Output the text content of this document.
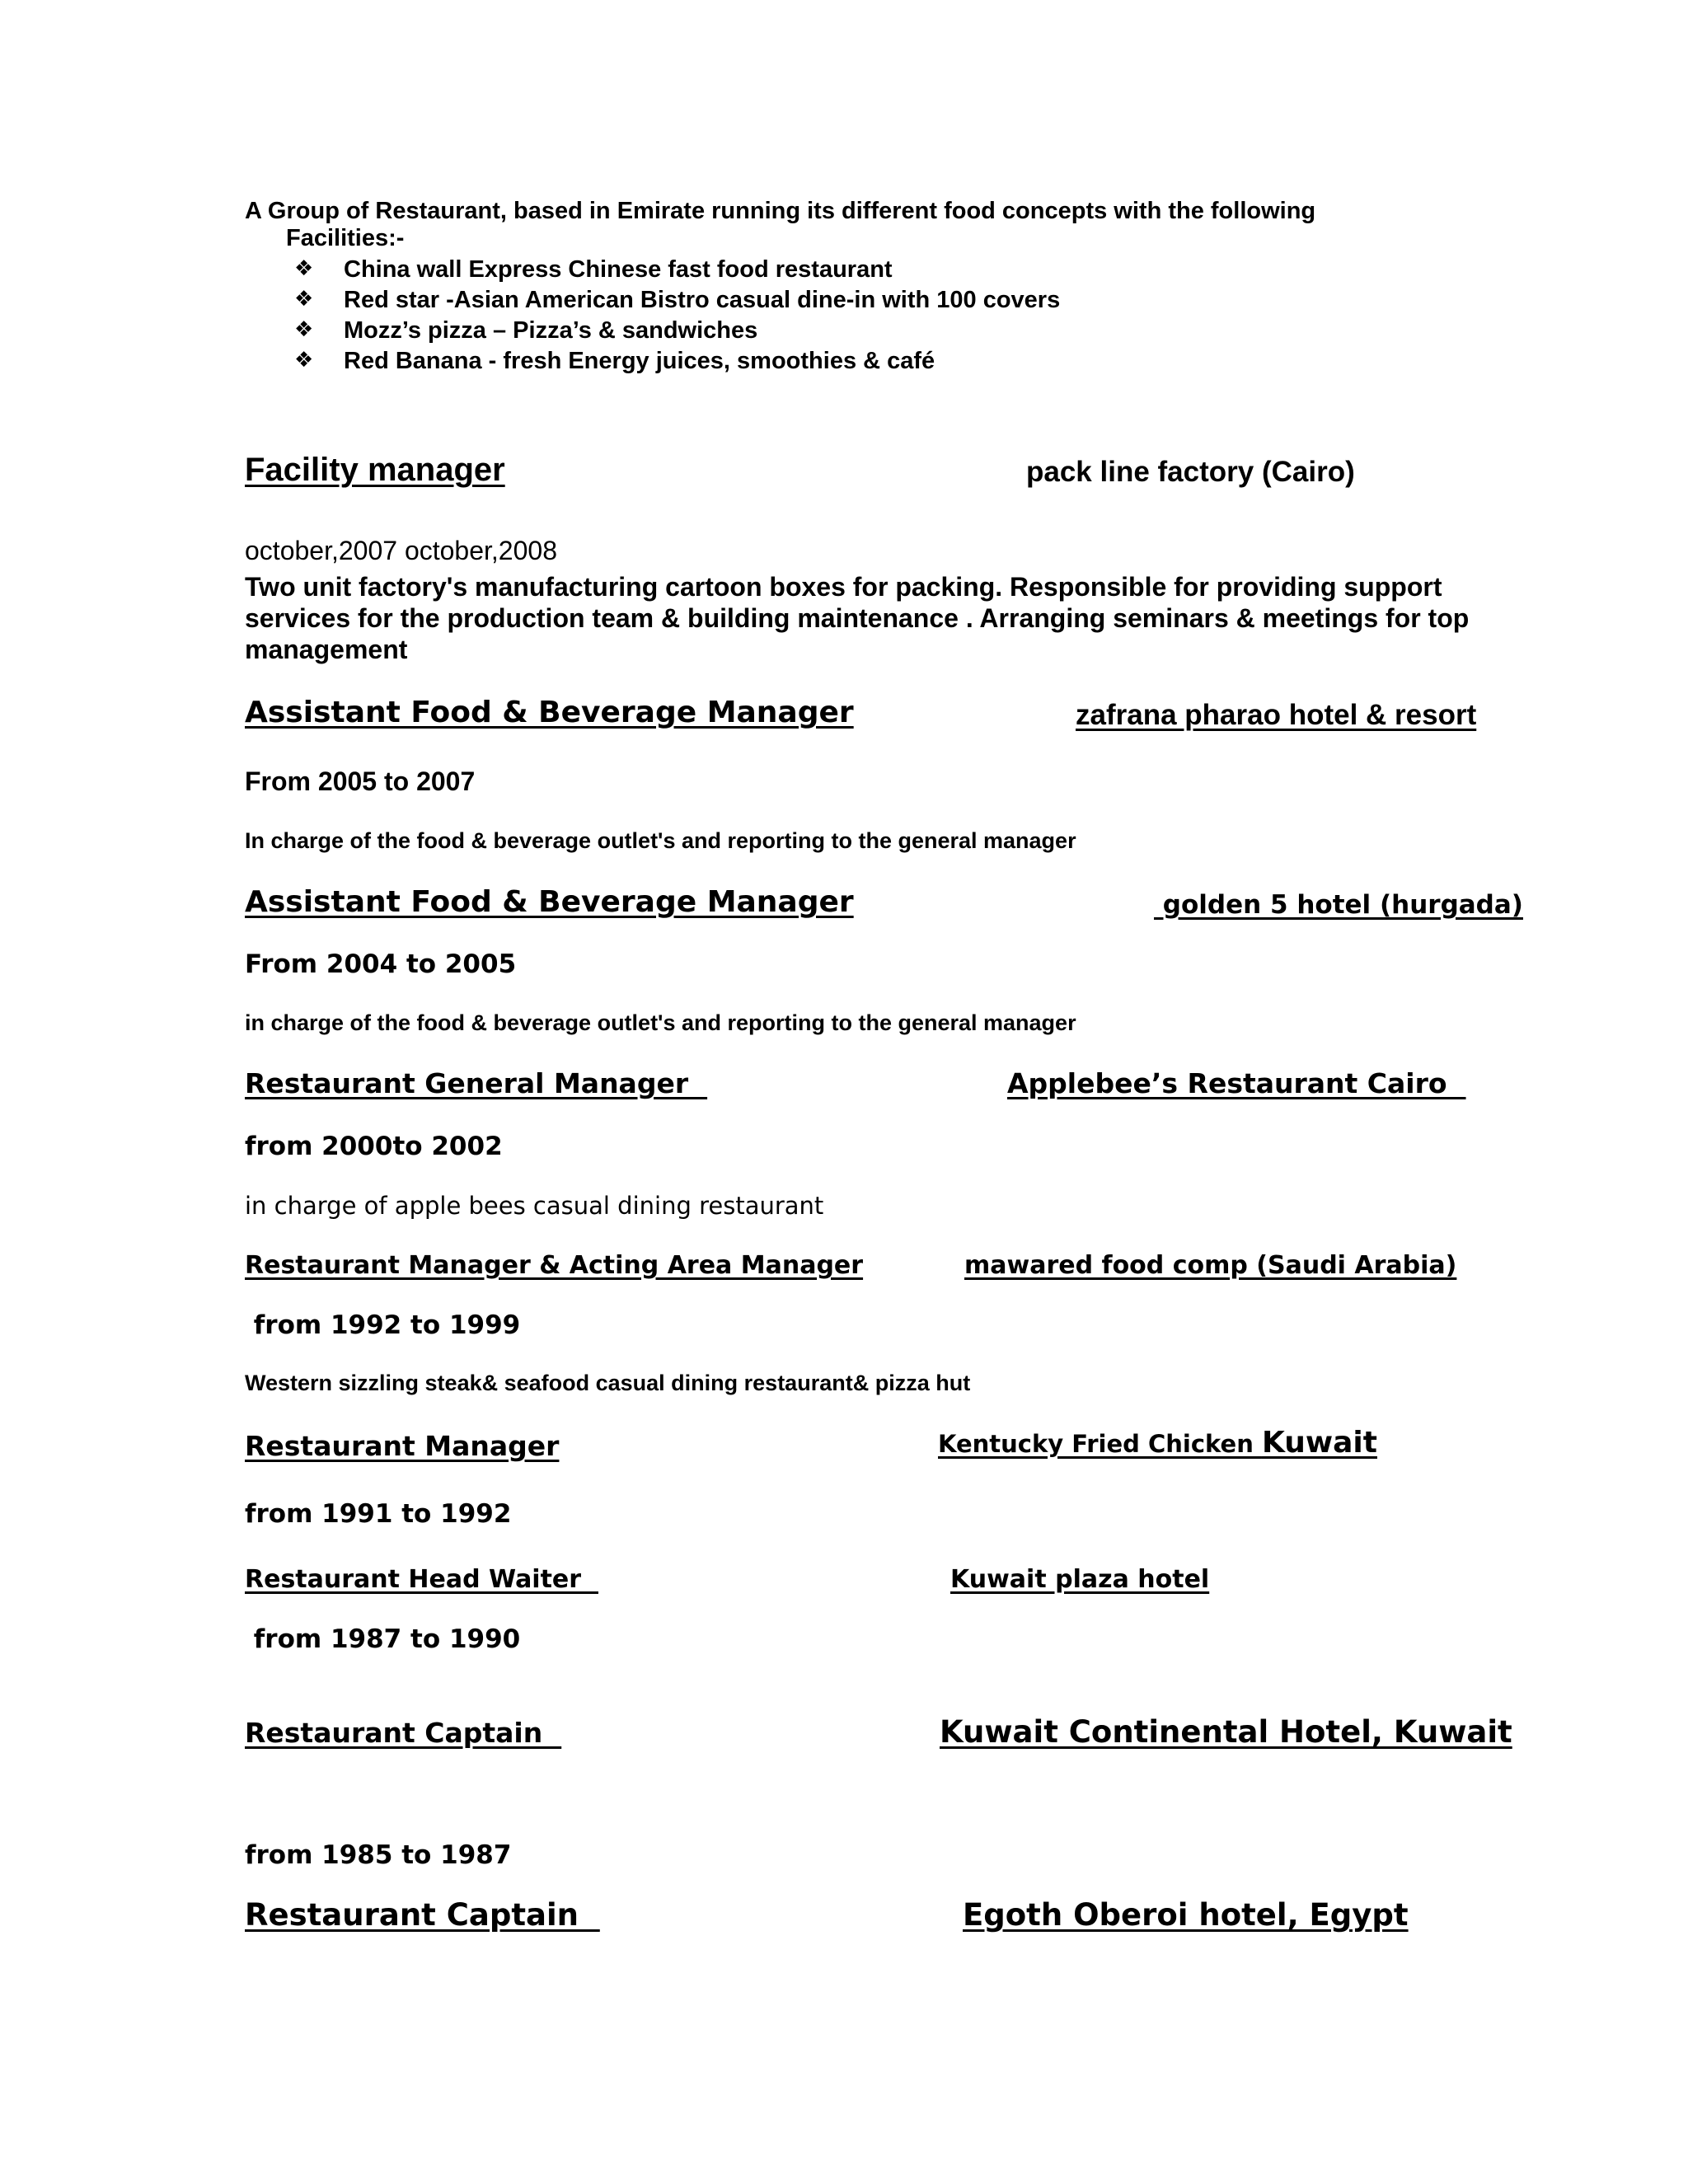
A Group of Restaurant, based in Emirate running its different food concepts with the following

Facilities:-

❖ China wall Express Chinese fast food restaurant
❖ Red star -Asian American Bistro casual dine-in with 100 covers
❖ Mozz’s pizza – Pizza’s & sandwiches
❖ Red Banana - fresh Energy juices, smoothies & café

Facility manager	pack line factory (Cairo)

october,2007 october,2008

Two unit factory's manufacturing cartoon boxes for packing. Responsible for providing support services for the production team & building maintenance . Arranging seminars & meetings for top management

Assistant Food & Beverage Manager	zafrana pharao hotel & resort

From 2005 to 2007

In charge of the food & beverage outlet's and reporting to the general manager

Assistant Food & Beverage Manager	golden 5 hotel (hurgada)

From 2004 to 2005

in charge of the food & beverage outlet's and reporting to the general manager

Restaurant General Manager	Applebee’s Restaurant Cairo

from 2000to 2002

in charge of apple bees casual dining restaurant

Restaurant Manager & Acting Area Manager	mawared food comp (Saudi Arabia)

from 1992 to 1999

Western sizzling steak& seafood casual dining restaurant& pizza hut

Restaurant Manager	Kentucky Fried Chicken Kuwait

from 1991 to 1992

Restaurant Head Waiter	Kuwait plaza hotel

from 1987 to 1990

Restaurant Captain	Kuwait Continental Hotel, Kuwait

from 1985 to 1987

Restaurant Captain	Egoth Oberoi hotel, Egypt
